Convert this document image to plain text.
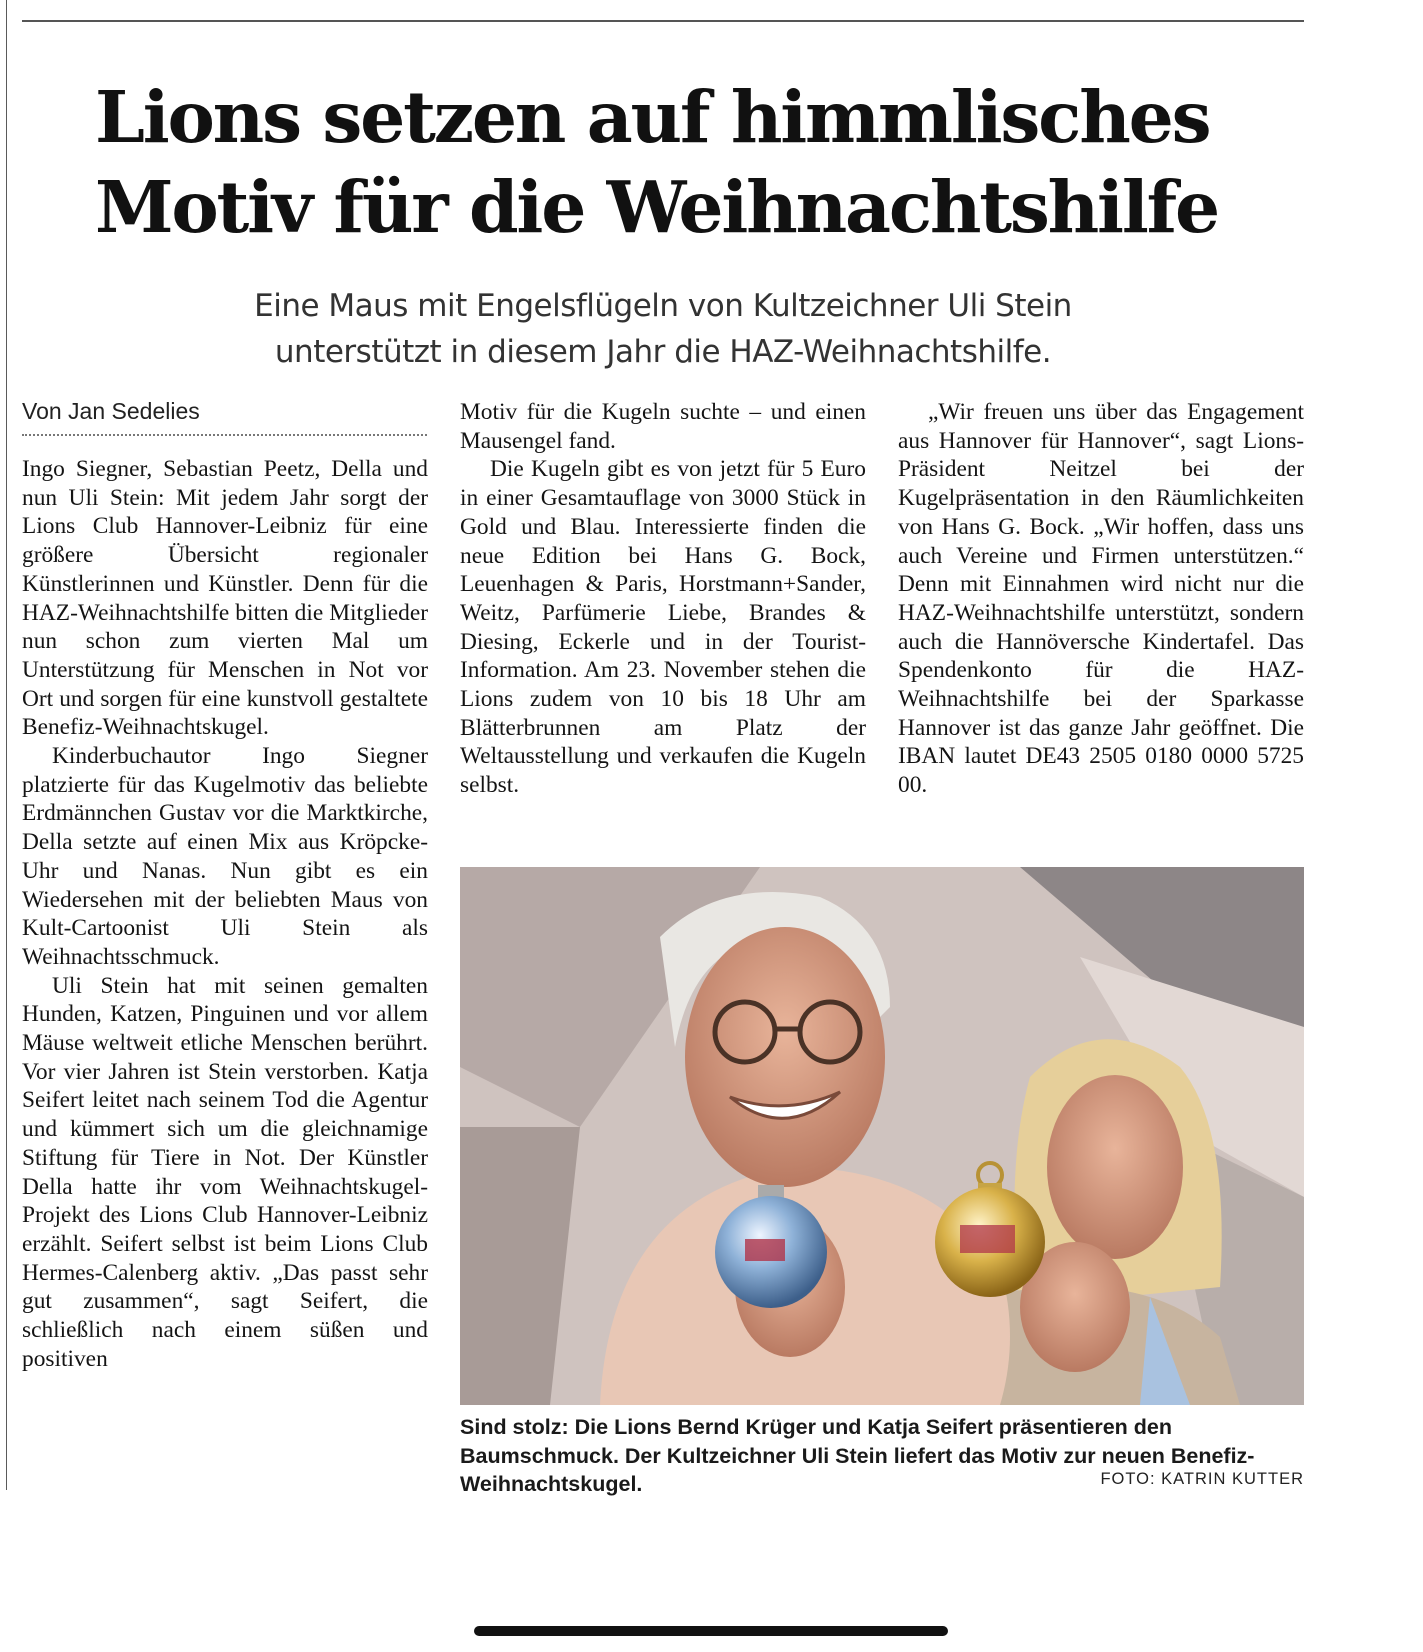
Lions setzen auf himmlisches
Motiv für die Weihnachtshilfe

Eine Maus mit Engelsflügeln von Kultzeichner Uli Stein
unterstützt in diesem Jahr die HAZ-Weihnachtshilfe.

Von Jan Sedelies

Ingo Siegner, Sebastian Peetz, Della und nun Uli Stein: Mit jedem Jahr sorgt der Lions Club Hannover-Leibniz für eine größere Übersicht regionaler Künstlerinnen und Künstler. Denn für die HAZ-Weihnachtshilfe bitten die Mitglieder nun schon zum vierten Mal um Unterstützung für Menschen in Not vor Ort und sorgen für eine kunstvoll gestaltete Benefiz-Weihnachtskugel.

Kinderbuchautor Ingo Siegner platzierte für das Kugelmotiv das beliebte Erdmännchen Gustav vor die Marktkirche, Della setzte auf einen Mix aus Kröpcke-Uhr und Nanas. Nun gibt es ein Wiedersehen mit der beliebten Maus von Kult-Cartoonist Uli Stein als Weihnachtsschmuck.

Uli Stein hat mit seinen gemalten Hunden, Katzen, Pinguinen und vor allem Mäuse weltweit etliche Menschen berührt. Vor vier Jahren ist Stein verstorben. Katja Seifert leitet nach seinem Tod die Agentur und kümmert sich um die gleichnamige Stiftung für Tiere in Not. Der Künstler Della hatte ihr vom Weihnachtskugel-Projekt des Lions Club Hannover-Leibniz erzählt. Seifert selbst ist beim Lions Club Hermes-Calenberg aktiv. „Das passt sehr gut zusammen“, sagt Seifert, die schließlich nach einem süßen und positiven

Motiv für die Kugeln suchte – und einen Mausengel fand.

Die Kugeln gibt es von jetzt für 5 Euro in einer Gesamtauflage von 3000 Stück in Gold und Blau. Interessierte finden die neue Edition bei Hans G. Bock, Leuenhagen & Paris, Horstmann+Sander, Weitz, Parfümerie Liebe, Brandes & Diesing, Eckerle und in der Tourist-Information. Am 23. November stehen die Lions zudem von 10 bis 18 Uhr am Blätterbrunnen am Platz der Weltausstellung und verkaufen die Kugeln selbst.

„Wir freuen uns über das Engagement aus Hannover für Hannover“, sagt Lions-Präsident Neitzel bei der Kugelpräsentation in den Räumlichkeiten von Hans G. Bock. „Wir hoffen, dass uns auch Vereine und Firmen unterstützen.“ Denn mit Einnahmen wird nicht nur die HAZ-Weihnachtshilfe unterstützt, sondern auch die Hannöversche Kindertafel. Das Spendenkonto für die HAZ-Weihnachtshilfe bei der Sparkasse Hannover ist das ganze Jahr geöffnet. Die IBAN lautet DE43 2505 0180 0000 5725 00.

Sind stolz: Die Lions Bernd Krüger und Katja Seifert präsentieren den Baumschmuck. Der Kultzeichner Uli Stein liefert das Motiv zur neuen Benefiz-Weihnachtskugel.	FOTO: KATRIN KUTTER
